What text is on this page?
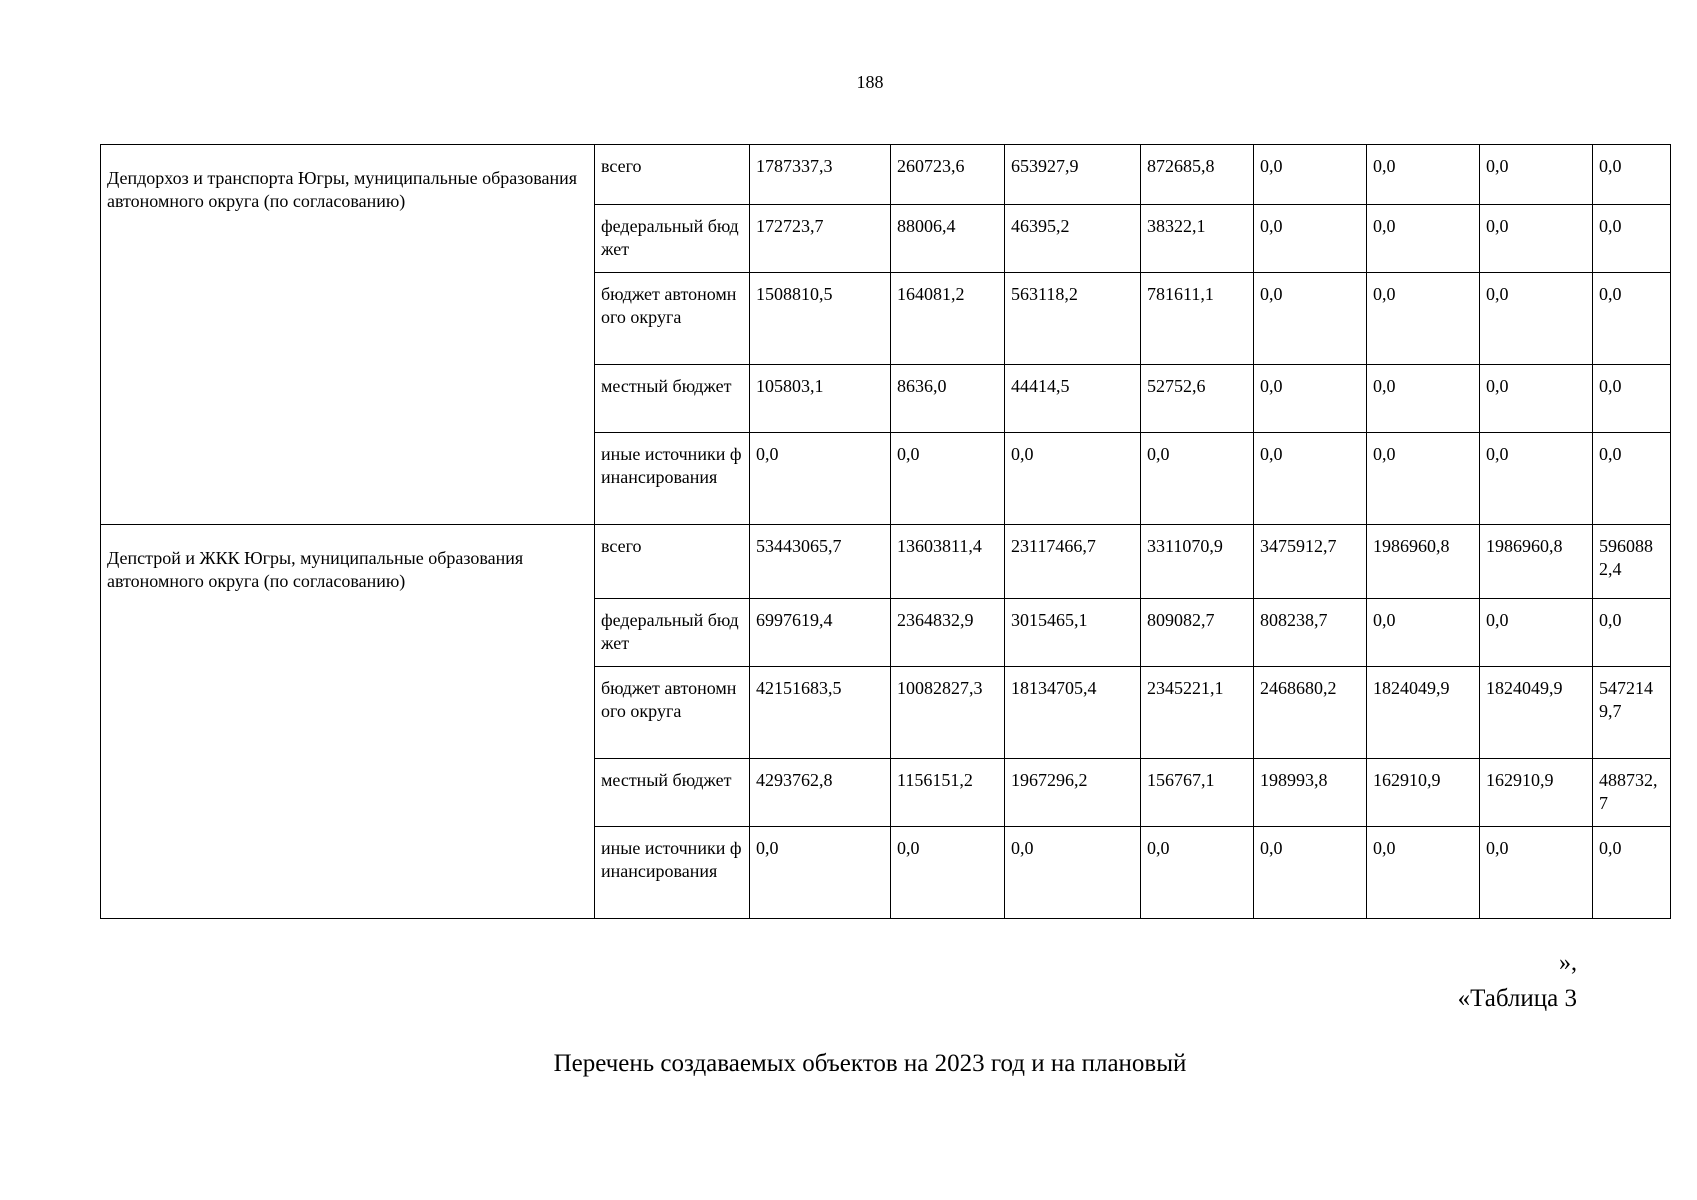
188
Депдорхоз и транспорта Югры, муниципальные образования автономного округа (по согласованию)	всего	1787337,3	260723,6	653927,9	872685,8	0,0	0,0	0,0	0,0
	федеральный бюджет	172723,7	88006,4	46395,2	38322,1	0,0	0,0	0,0	0,0
	бюджет автономного округа	1508810,5	164081,2	563118,2	781611,1	0,0	0,0	0,0	0,0
	местный бюджет	105803,1	8636,0	44414,5	52752,6	0,0	0,0	0,0	0,0
	иные источники финансирования	0,0	0,0	0,0	0,0	0,0	0,0	0,0	0,0
Депстрой и ЖКК Югры, муниципальные образования автономного округа (по согласованию)	всего	53443065,7	13603811,4	23117466,7	3311070,9	3475912,7	1986960,8	1986960,8	5960882,4
	федеральный бюджет	6997619,4	2364832,9	3015465,1	809082,7	808238,7	0,0	0,0	0,0
	бюджет автономного округа	42151683,5	10082827,3	18134705,4	2345221,1	2468680,2	1824049,9	1824049,9	5472149,7
	местный бюджет	4293762,8	1156151,2	1967296,2	156767,1	198993,8	162910,9	162910,9	488732,7
	иные источники финансирования	0,0	0,0	0,0	0,0	0,0	0,0	0,0	0,0
»,
«Таблица 3
Перечень создаваемых объектов на 2023 год и на плановый
